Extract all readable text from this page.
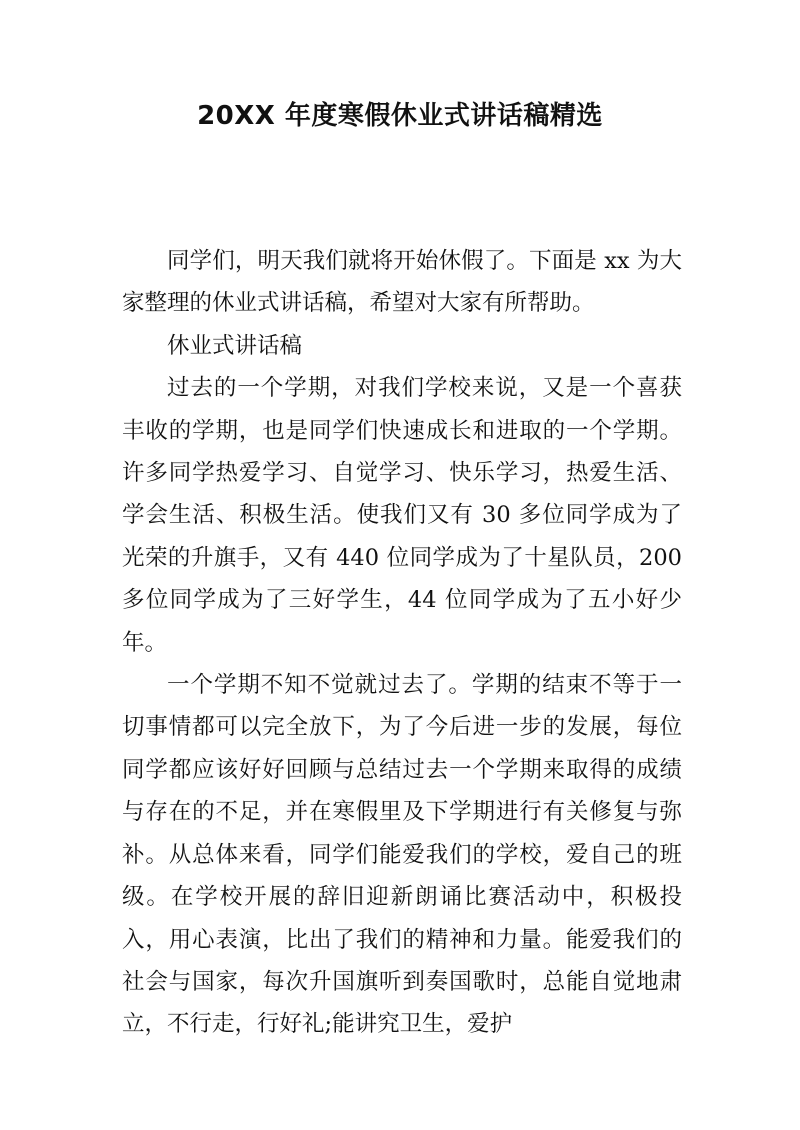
20XX 年度寒假休业式讲话稿精选

同学们，明天我们就将开始休假了。下面是 xx 为大家整理的休业式讲话稿，希望对大家有所帮助。

休业式讲话稿

过去的一个学期，对我们学校来说，又是一个喜获丰收的学期，也是同学们快速成长和进取的一个学期。许多同学热爱学习、自觉学习、快乐学习，热爱生活、学会生活、积极生活。使我们又有 30 多位同学成为了光荣的升旗手，又有 440 位同学成为了十星队员，200 多位同学成为了三好学生，44 位同学成为了五小好少年。

一个学期不知不觉就过去了。学期的结束不等于一切事情都可以完全放下，为了今后进一步的发展，每位同学都应该好好回顾与总结过去一个学期来取得的成绩与存在的不足，并在寒假里及下学期进行有关修复与弥补。从总体来看，同学们能爱我们的学校，爱自己的班级。在学校开展的辞旧迎新朗诵比赛活动中，积极投入，用心表演，比出了我们的精神和力量。能爱我们的社会与国家，每次升国旗听到奏国歌时，总能自觉地肃立，不行走，行好礼;能讲究卫生，爱护
